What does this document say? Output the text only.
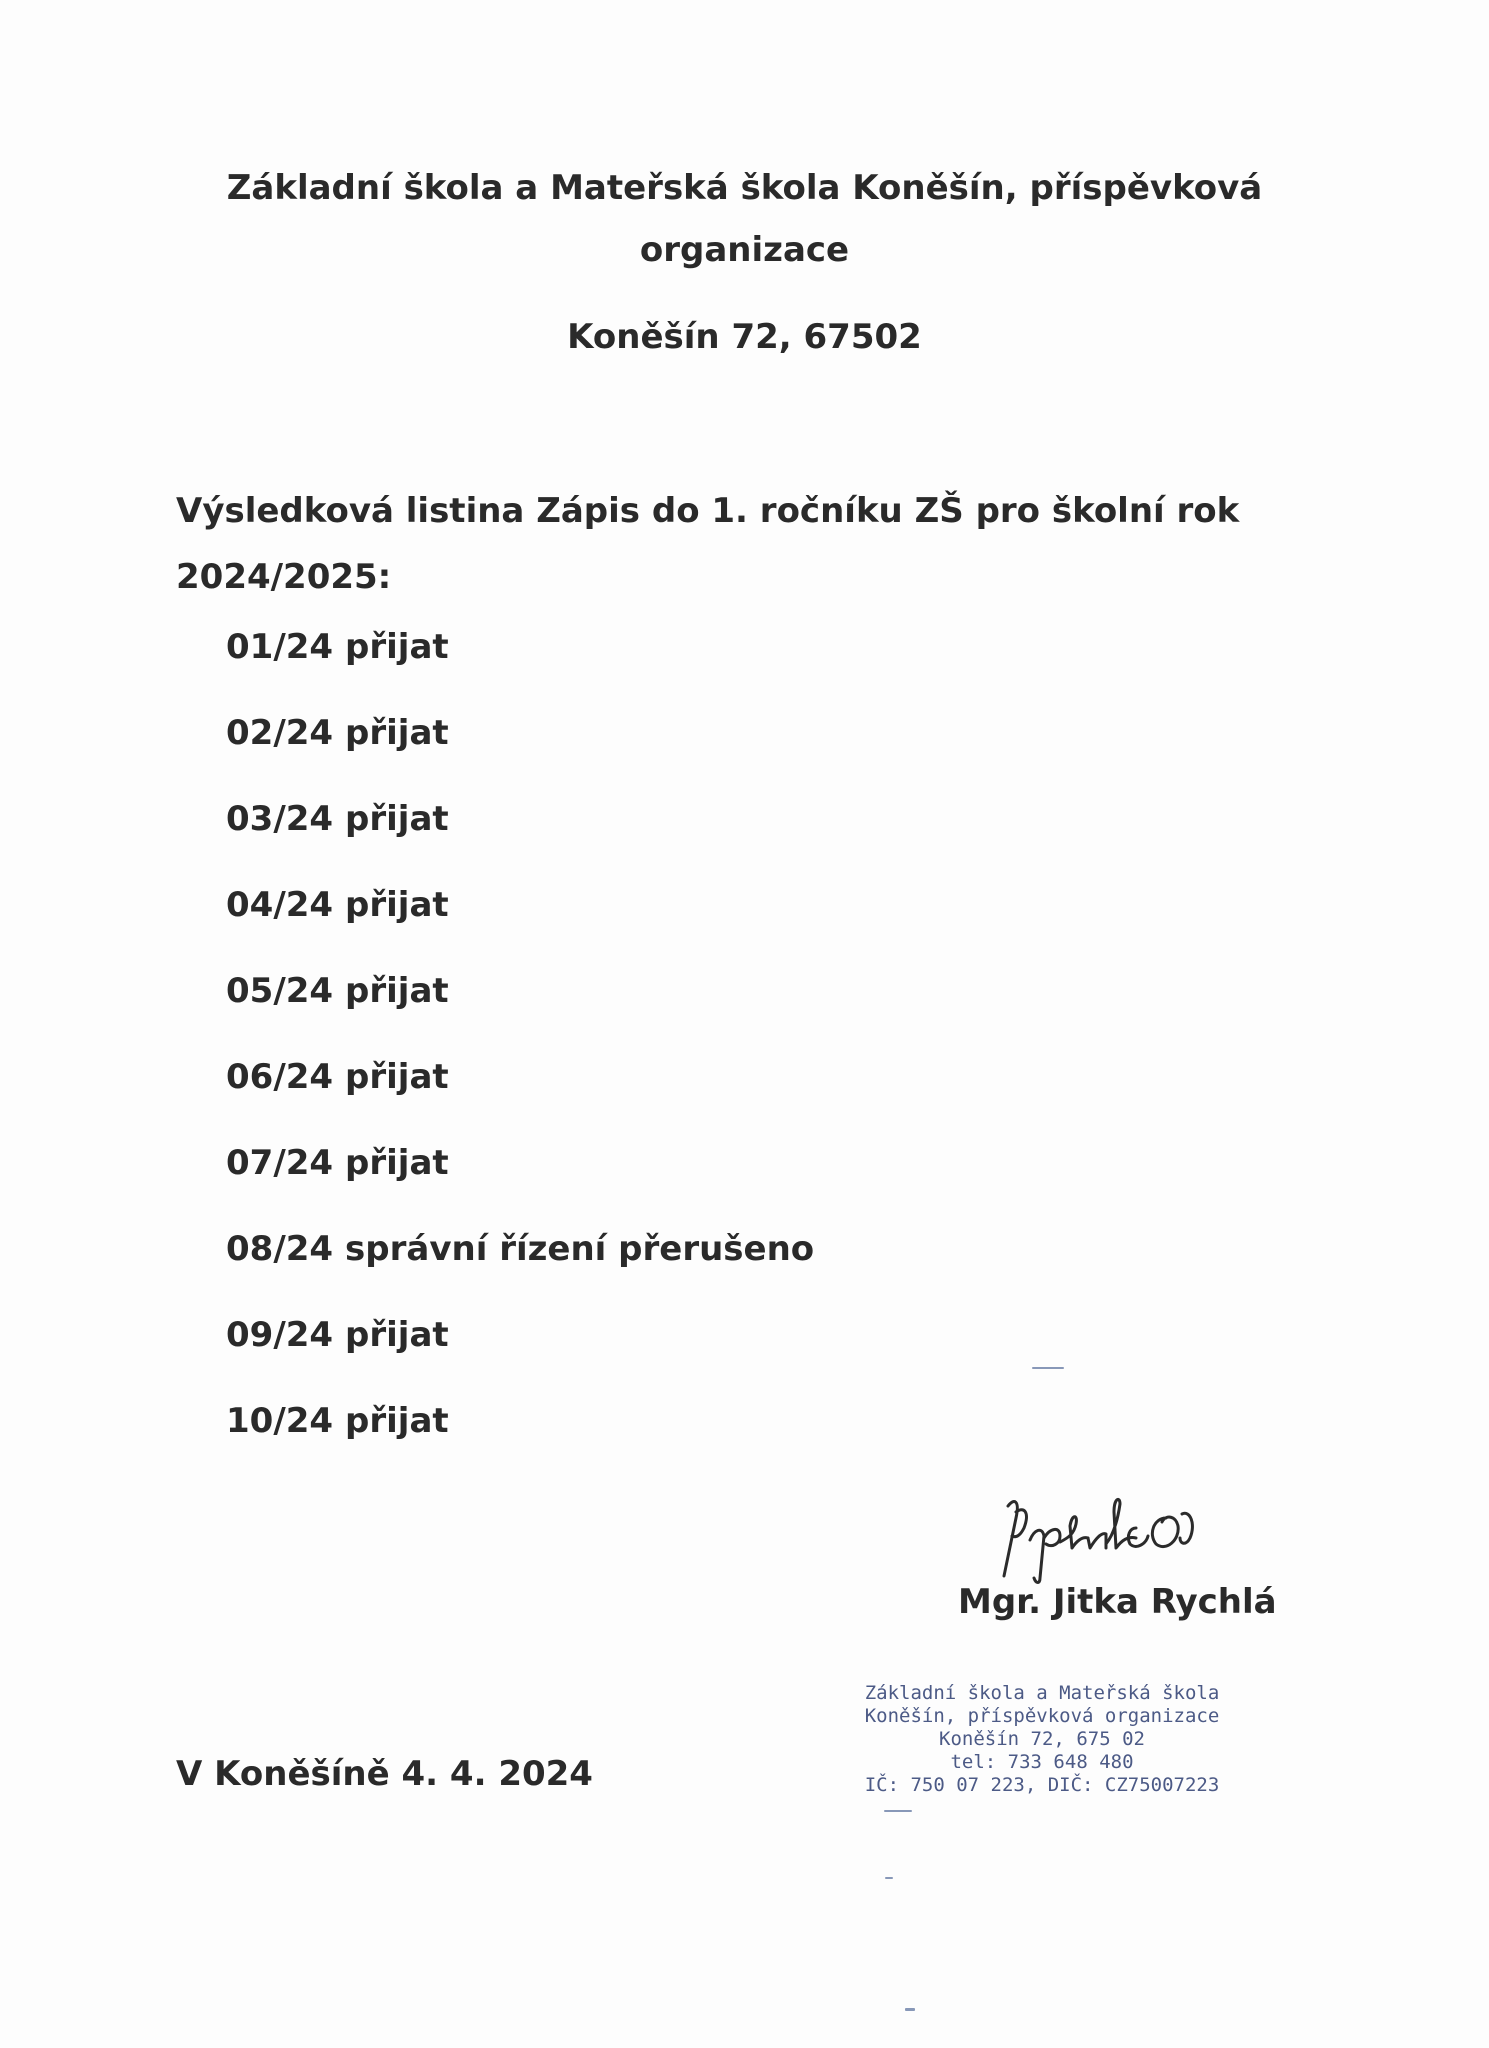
Základní škola a Mateřská škola Koněšín, příspěvková
organizace
Koněšín 72, 67502
Výsledková listina Zápis do 1. ročníku ZŠ pro školní rok
2024/2025:
01/24 přijat
02/24 přijat
03/24 přijat
04/24 přijat
05/24 přijat
06/24 přijat
07/24 přijat
08/24 správní řízení přerušeno
09/24 přijat
10/24 přijat
Mgr. Jitka Rychlá
V Koněšíně 4. 4. 2024
Základní škola a Mateřská škola
Koněšín, příspěvková organizace
Koněšín 72, 675 02
tel: 733 648 480
IČ: 750 07 223, DIČ: CZ75007223
